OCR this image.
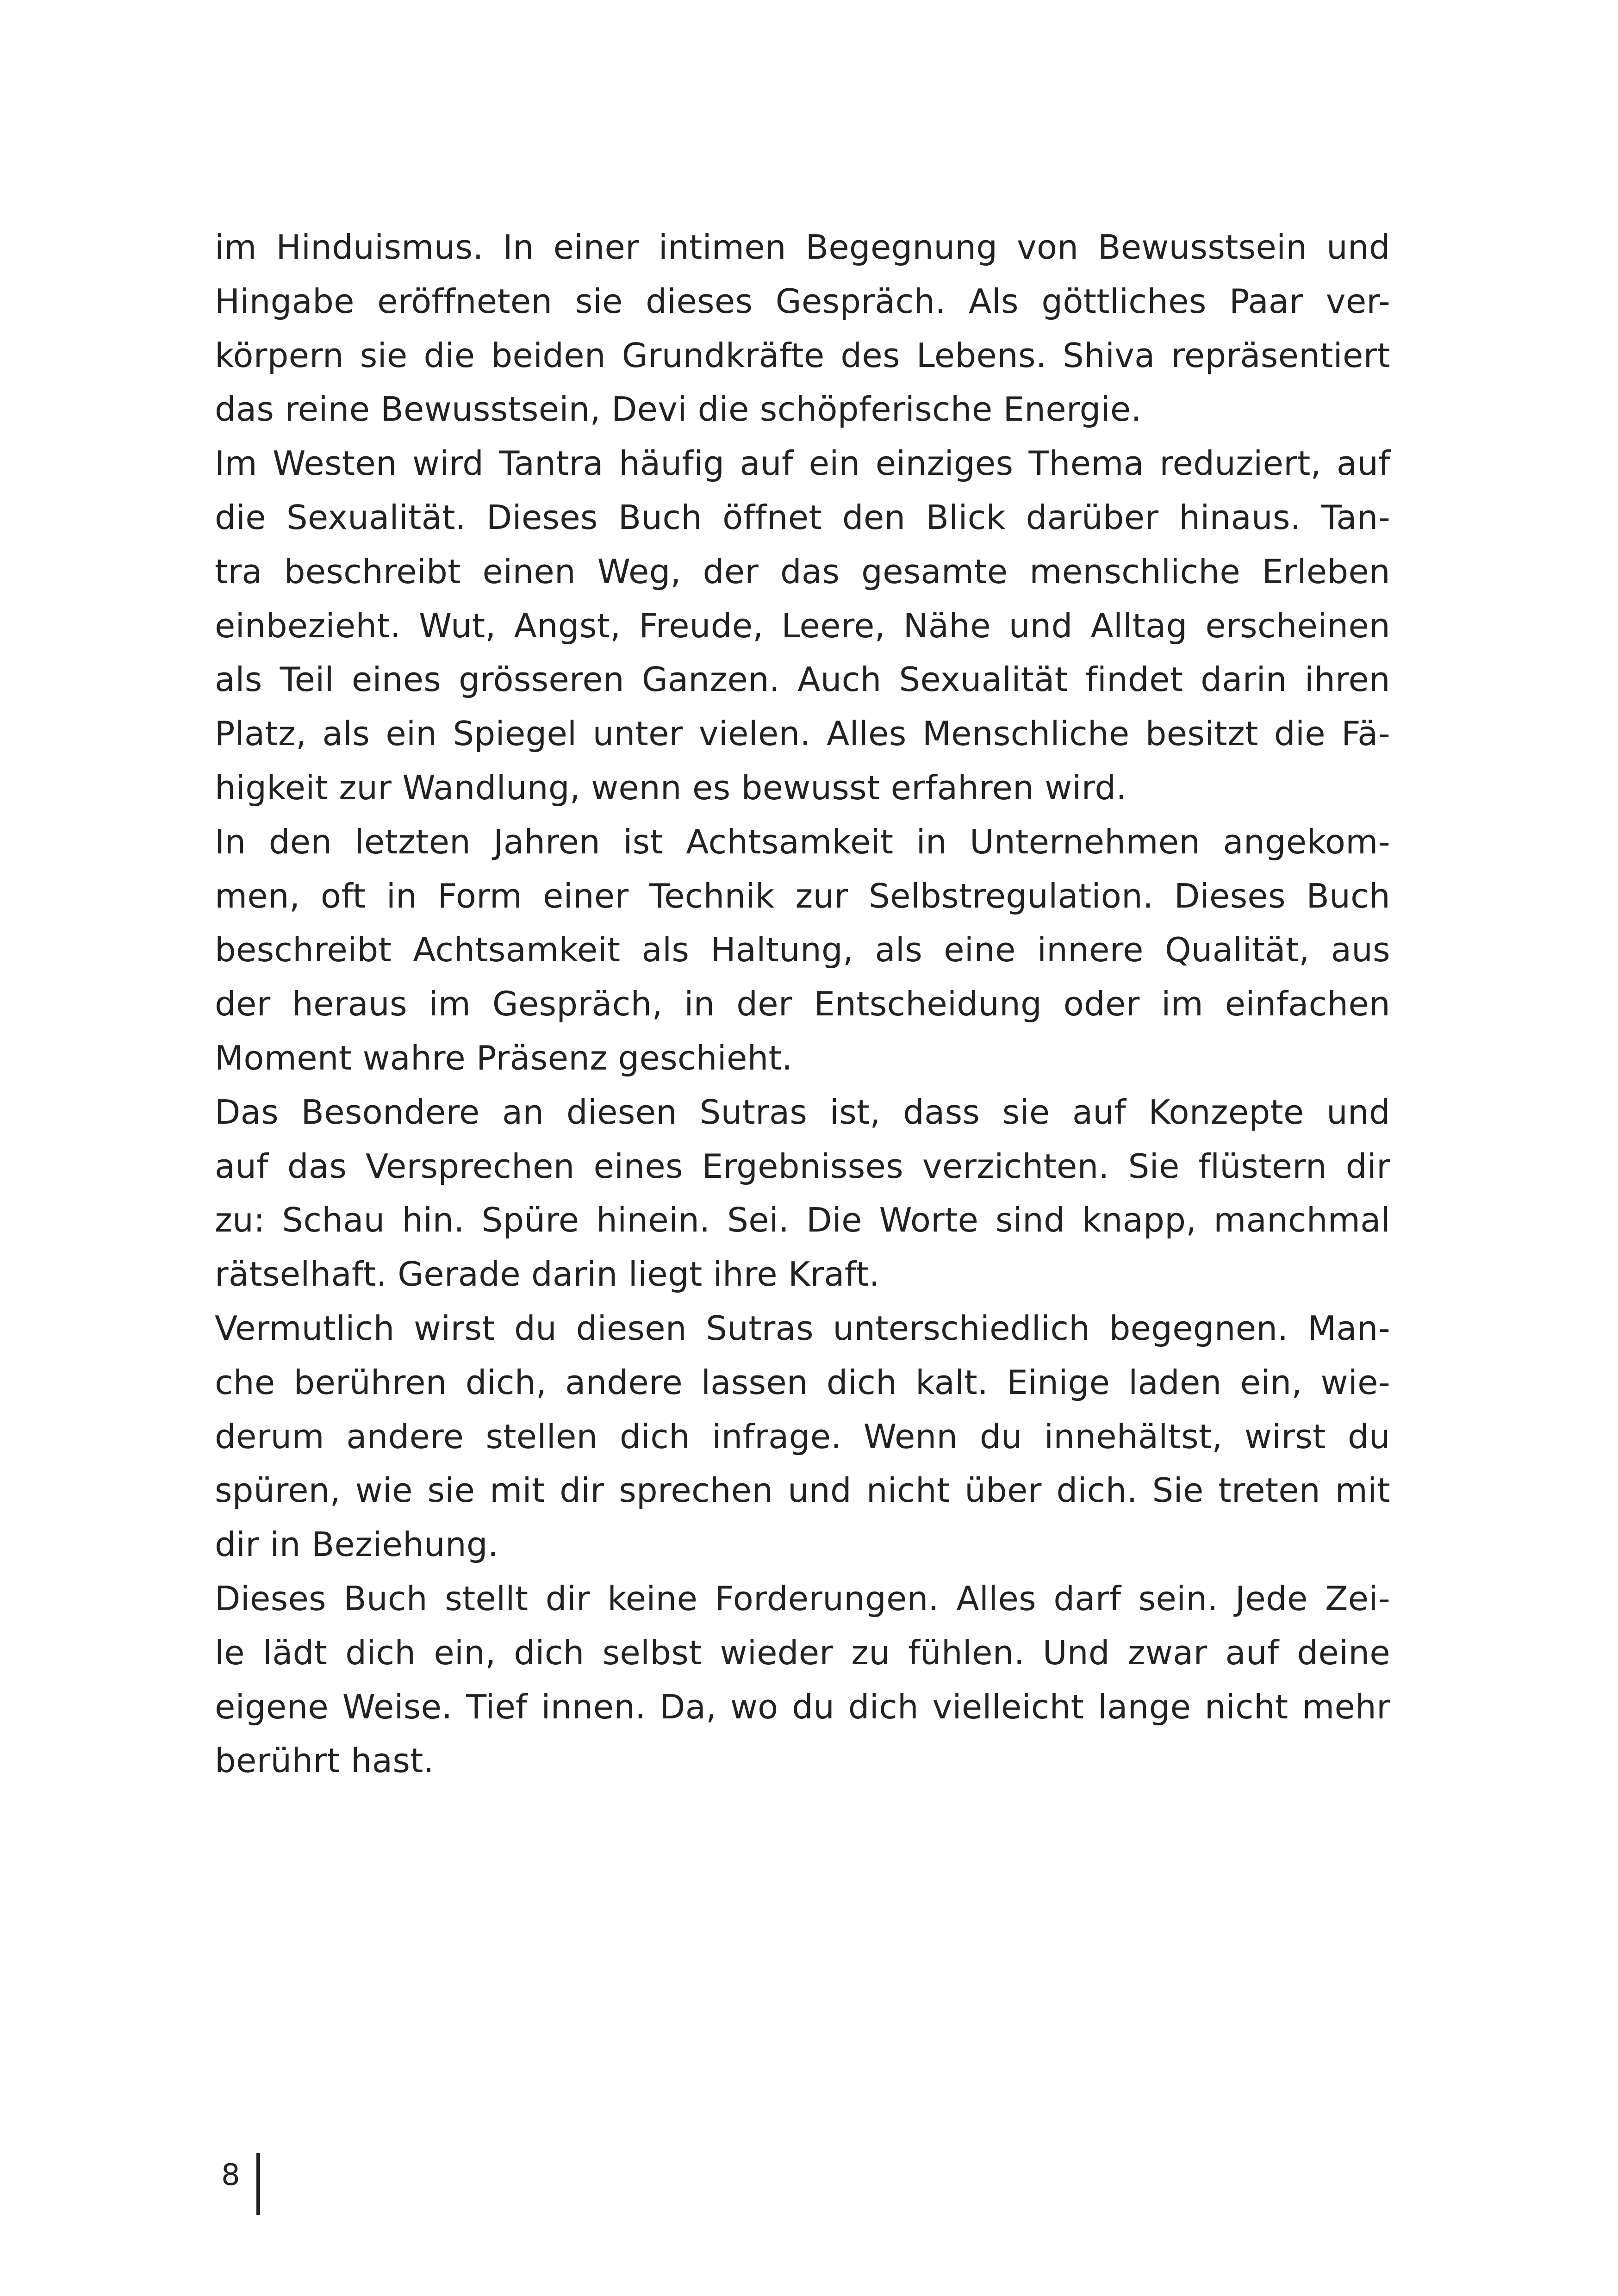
im Hinduismus. In einer intimen Begegnung von Bewusstsein und
Hingabe eröffneten sie dieses Gespräch. Als göttliches Paar ver-
körpern sie die beiden Grundkräfte des Lebens. Shiva repräsentiert
das reine Bewusstsein, Devi die schöpferische Energie.
Im Westen wird Tantra häufig auf ein einziges Thema reduziert, auf
die Sexualität. Dieses Buch öffnet den Blick darüber hinaus. Tan-
tra beschreibt einen Weg, der das gesamte menschliche Erleben
einbezieht. Wut, Angst, Freude, Leere, Nähe und Alltag erscheinen
als Teil eines grösseren Ganzen. Auch Sexualität findet darin ihren
Platz, als ein Spiegel unter vielen. Alles Menschliche besitzt die Fä-
higkeit zur Wandlung, wenn es bewusst erfahren wird.
In den letzten Jahren ist Achtsamkeit in Unternehmen angekom-
men, oft in Form einer Technik zur Selbstregulation. Dieses Buch
beschreibt Achtsamkeit als Haltung, als eine innere Qualität, aus
der heraus im Gespräch, in der Entscheidung oder im einfachen
Moment wahre Präsenz geschieht.
Das Besondere an diesen Sutras ist, dass sie auf Konzepte und
auf das Versprechen eines Ergebnisses verzichten. Sie flüstern dir
zu: Schau hin. Spüre hinein. Sei. Die Worte sind knapp, manchmal
rätselhaft. Gerade darin liegt ihre Kraft.
Vermutlich wirst du diesen Sutras unterschiedlich begegnen. Man-
che berühren dich, andere lassen dich kalt. Einige laden ein, wie-
derum andere stellen dich infrage. Wenn du innehältst, wirst du
spüren, wie sie mit dir sprechen und nicht über dich. Sie treten mit
dir in Beziehung.
Dieses Buch stellt dir keine Forderungen. Alles darf sein. Jede Zei-
le lädt dich ein, dich selbst wieder zu fühlen. Und zwar auf deine
eigene Weise. Tief innen. Da, wo du dich vielleicht lange nicht mehr
berührt hast.
8
